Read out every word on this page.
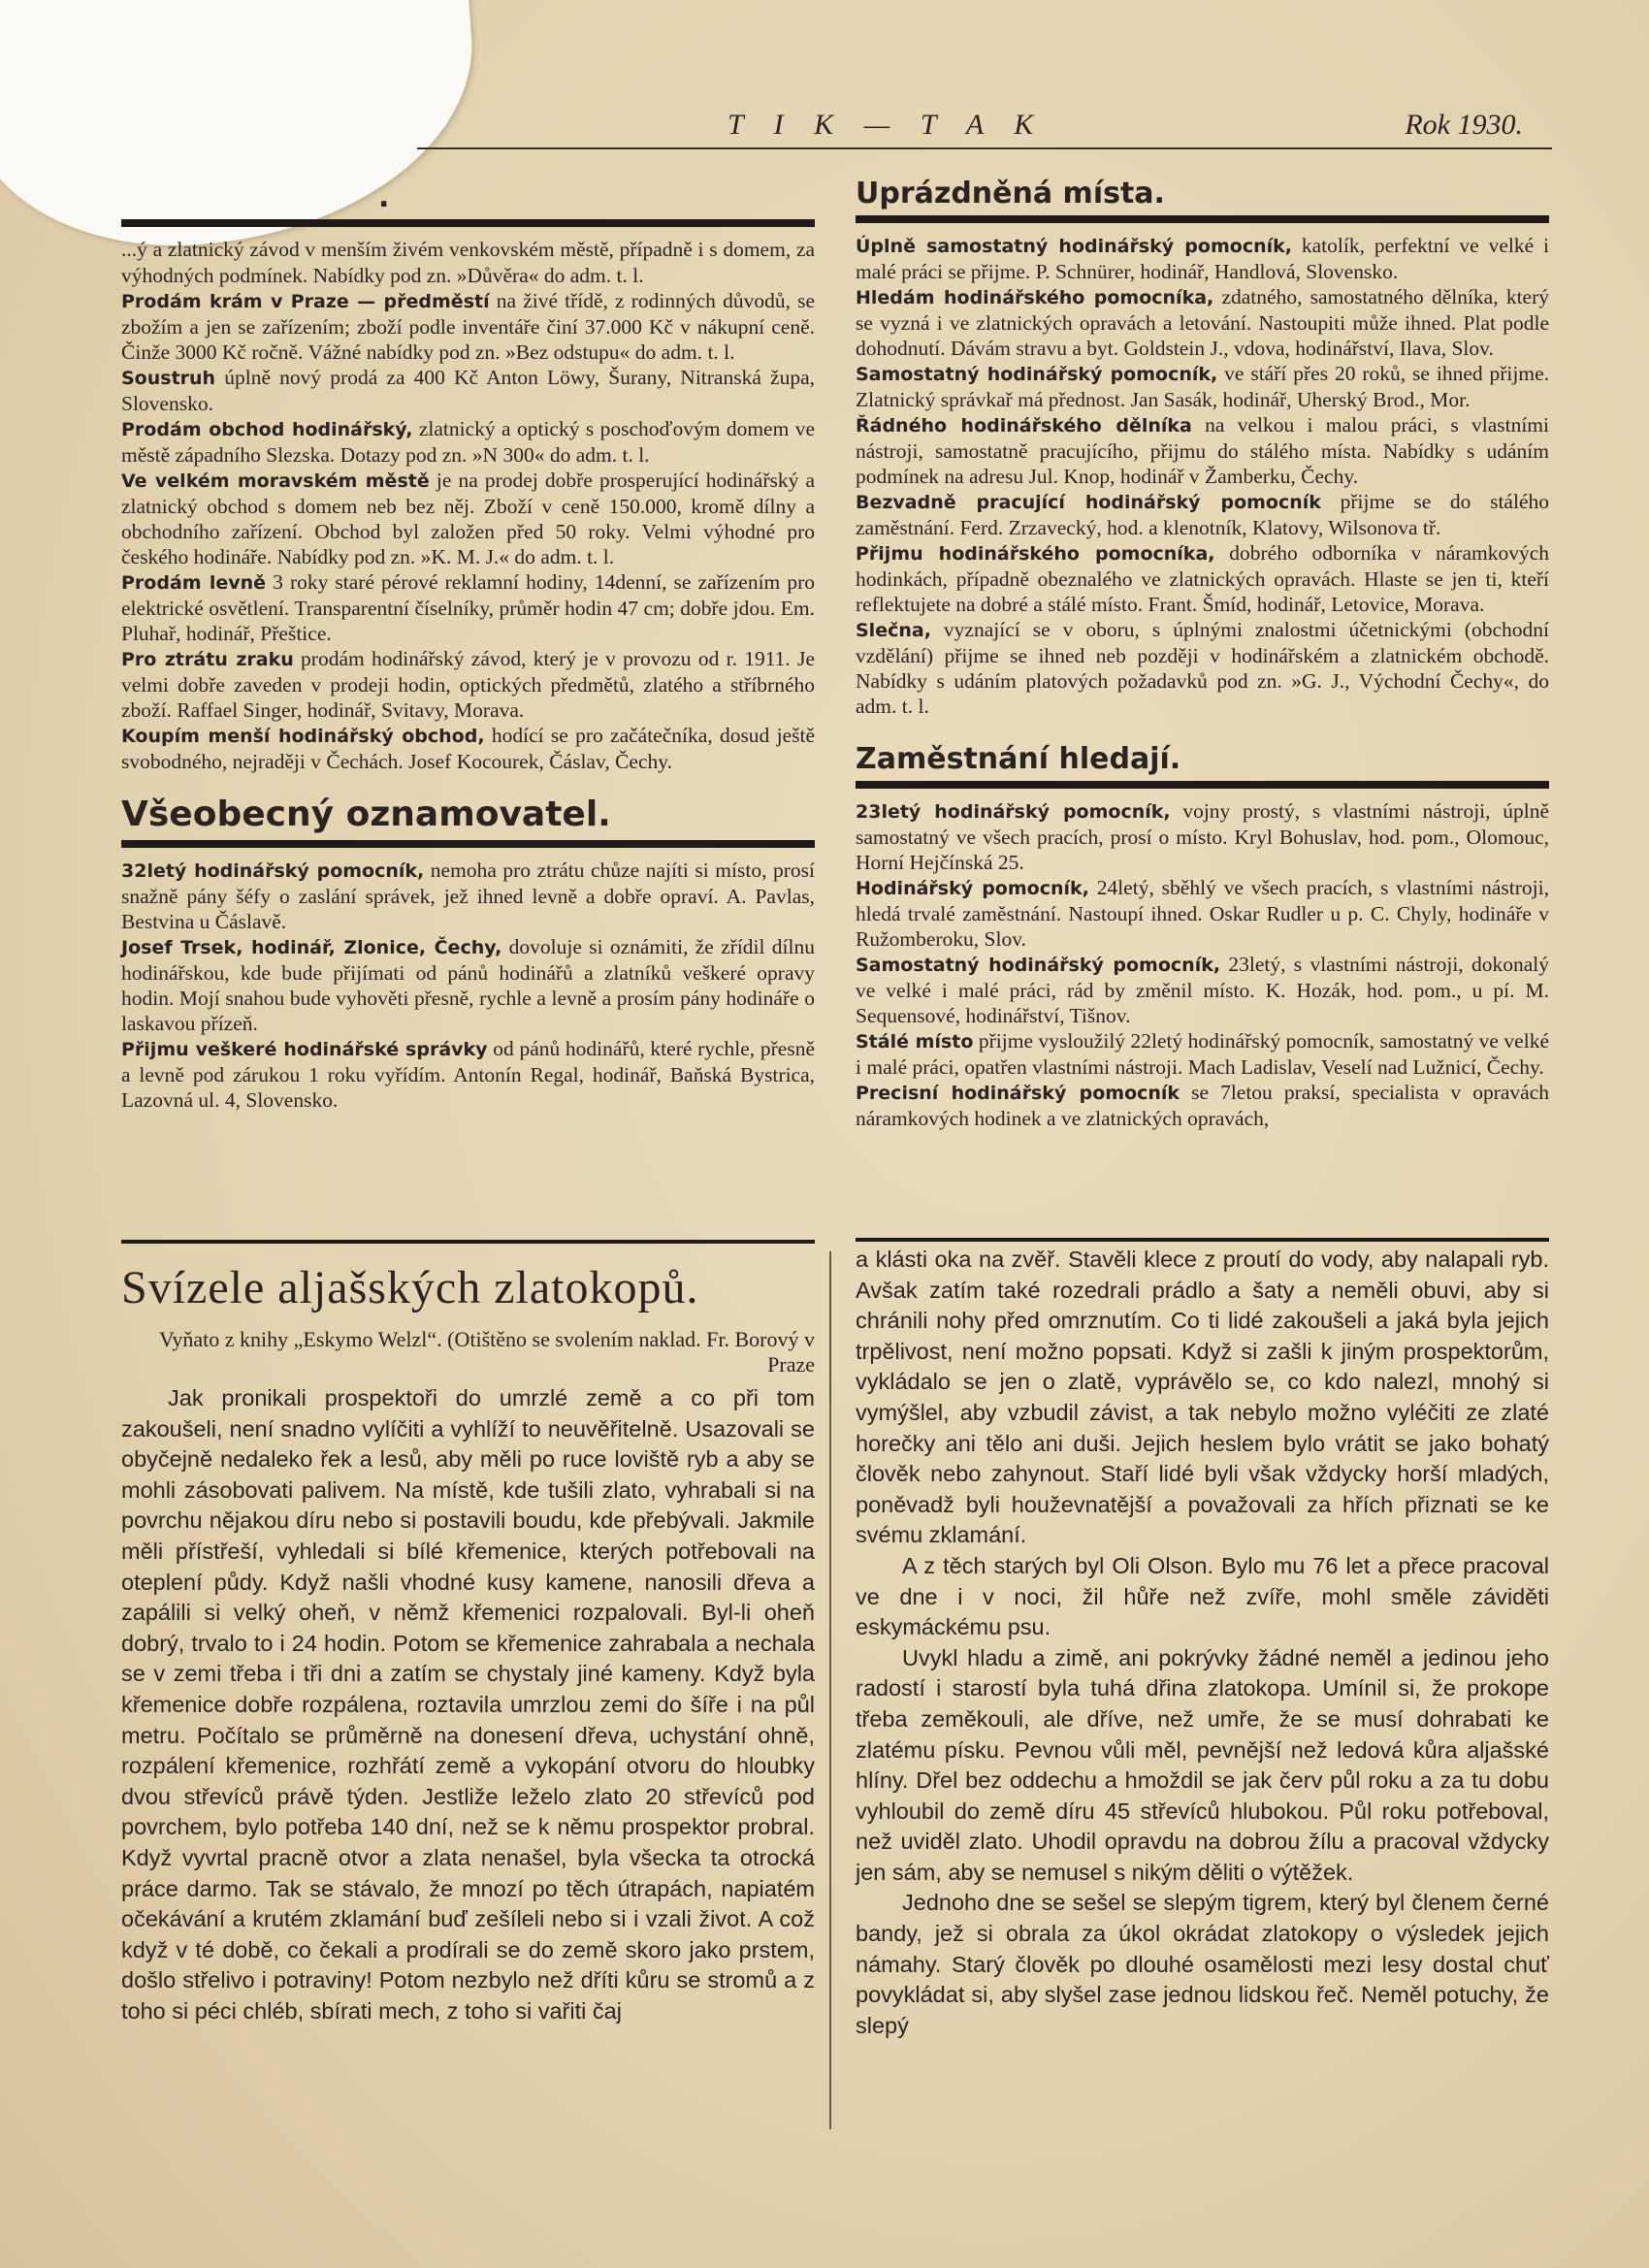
T I K — T A K	Rok 1930.
.

...ý a zlatnický závod v menším živém venkovském městě, případně i s domem, za výhodných podmínek. Nabídky pod zn. »Důvěra« do adm. t. l.

Prodám krám v Praze — předměstí na živé třídě, z rodinných důvodů, se zbožím a jen se zařízením; zboží podle inventáře činí 37.000 Kč v nákupní ceně. Činže 3000 Kč ročně. Vážné nabídky pod zn. »Bez odstupu« do adm. t. l.

Soustruh úplně nový prodá za 400 Kč Anton Löwy, Šurany, Nitranská župa, Slovensko.

Prodám obchod hodinářský, zlatnický a optický s poschoďovým domem ve městě západního Slezska. Dotazy pod zn. »N 300« do adm. t. l.

Ve velkém moravském městě je na prodej dobře prosperující hodinářský a zlatnický obchod s domem neb bez něj. Zboží v ceně 150.000, kromě dílny a obchodního zařízení. Obchod byl založen před 50 roky. Velmi výhodné pro českého hodináře. Nabídky pod zn. »K. M. J.« do adm. t. l.

Prodám levně 3 roky staré pérové reklamní hodiny, 14denní, se zařízením pro elektrické osvětlení. Transparentní číselníky, průměr hodin 47 cm; dobře jdou. Em. Pluhař, hodinář, Přeštice.

Pro ztrátu zraku prodám hodinářský závod, který je v provozu od r. 1911. Je velmi dobře zaveden v prodeji hodin, optických předmětů, zlatého a stříbrného zboží. Raffael Singer, hodinář, Svitavy, Morava.

Koupím menší hodinářský obchod, hodící se pro začátečníka, dosud ještě svobodného, nejraději v Čechách. Josef Kocourek, Čáslav, Čechy.

Všeobecný oznamovatel.

32letý hodinářský pomocník, nemoha pro ztrátu chůze najíti si místo, prosí snažně pány šéfy o zaslání správek, jež ihned levně a dobře opraví. A. Pavlas, Bestvina u Čáslavě.

Josef Trsek, hodinář, Zlonice, Čechy, dovoluje si oznámiti, že zřídil dílnu hodinářskou, kde bude přijímati od pánů hodinářů a zlatníků veškeré opravy hodin. Mojí snahou bude vyhověti přesně, rychle a levně a prosím pány hodináře o laskavou přízeň.

Přijmu veškeré hodinářské správky od pánů hodinářů, které rychle, přesně a levně pod zárukou 1 roku vyřídím. Antonín Regal, hodinář, Baňská Bystrica, Lazovná ul. 4, Slovensko.

Uprázdněná místa.

Úplně samostatný hodinářský pomocník, katolík, perfektní ve velké i malé práci se přijme. P. Schnürer, hodinář, Handlová, Slovensko.

Hledám hodinářského pomocníka, zdatného, samostatného dělníka, který se vyzná i ve zlatnických opravách a letování. Nastoupiti může ihned. Plat podle dohodnutí. Dávám stravu a byt. Goldstein J., vdova, hodinářství, Ilava, Slov.

Samostatný hodinářský pomocník, ve stáří přes 20 roků, se ihned přijme. Zlatnický správkař má přednost. Jan Sasák, hodinář, Uherský Brod., Mor.

Řádného hodinářského dělníka na velkou i malou práci, s vlastními nástroji, samostatně pracujícího, přijmu do stálého místa. Nabídky s udáním podmínek na adresu Jul. Knop, hodinář v Žamberku, Čechy.

Bezvadně pracující hodinářský pomocník přijme se do stálého zaměstnání. Ferd. Zrzavecký, hod. a klenotník, Klatovy, Wilsonova tř.

Přijmu hodinářského pomocníka, dobrého odborníka v náramkových hodinkách, případně obeznalého ve zlatnických opravách. Hlaste se jen ti, kteří reflektujete na dobré a stálé místo. Frant. Šmíd, hodinář, Letovice, Morava.

Slečna, vyznající se v oboru, s úplnými znalostmi účetnickými (obchodní vzdělání) přijme se ihned neb později v hodinářském a zlatnickém obchodě. Nabídky s udáním platových požadavků pod zn. »G. J., Východní Čechy«, do adm. t. l.

Zaměstnání hledají.

23letý hodinářský pomocník, vojny prostý, s vlastními nástroji, úplně samostatný ve všech pracích, prosí o místo. Kryl Bohuslav, hod. pom., Olomouc, Horní Hejčínská 25.

Hodinářský pomocník, 24letý, sběhlý ve všech pracích, s vlastními nástroji, hledá trvalé zaměstnání. Nastoupí ihned. Oskar Rudler u p. C. Chyly, hodináře v Ružomberoku, Slov.

Samostatný hodinářský pomocník, 23letý, s vlastními nástroji, dokonalý ve velké i malé práci, rád by změnil místo. K. Hozák, hod. pom., u pí. M. Sequensové, hodinářství, Tišnov.

Stálé místo přijme vysloužilý 22letý hodinářský pomocník, samostatný ve velké i malé práci, opatřen vlastními nástroji. Mach Ladislav, Veselí nad Lužnicí, Čechy.

Precisní hodinářský pomocník se 7letou praksí, specialista v opravách náramkových hodinek a ve zlatnických opravách,

Svízele aljašských zlatokopů.
Vyňato z knihy „Eskymo Welzl“. (Otištěno se svolením naklad. Fr. Borový v Praze

Jak pronikali prospektoři do umrzlé země a co při tom zakoušeli, není snadno vylíčiti a vyhlíží to neuvěřitelně. Usazovali se obyčejně nedaleko řek a lesů, aby měli po ruce loviště ryb a aby se mohli zásobovati palivem. Na místě, kde tušili zlato, vyhrabali si na povrchu nějakou díru nebo si postavili boudu, kde přebývali. Jakmile měli přístřeší, vyhledali si bílé křemenice, kterých potřebovali na oteplení půdy. Když našli vhodné kusy kamene, nanosili dřeva a zapálili si velký oheň, v němž křemenici rozpalovali. Byl-li oheň dobrý, trvalo to i 24 hodin. Potom se křemenice zahrabala a nechala se v zemi třeba i tři dni a zatím se chystaly jiné kameny. Když byla křemenice dobře rozpálena, roztavila umrzlou zemi do šíře i na půl metru. Počítalo se průměrně na donesení dřeva, uchystání ohně, rozpálení křemenice, rozhřátí země a vykopání otvoru do hloubky dvou střevíců právě týden. Jestliže leželo zlato 20 střevíců pod povrchem, bylo potřeba 140 dní, než se k němu prospektor probral. Když vyvrtal pracně otvor a zlata nenašel, byla všecka ta otrocká práce darmo. Tak se stávalo, že mnozí po těch útrapách, napiatém očekávání a krutém zklamání buď zešíleli nebo si i vzali život. A což když v té době, co čekali a prodírali se do země skoro jako prstem, došlo střelivo i potraviny! Potom nezbylo než dříti kůru se stromů a z toho si péci chléb, sbírati mech, z toho si vařiti čaj

a klásti oka na zvěř. Stavěli klece z proutí do vody, aby nalapali ryb. Avšak zatím také rozedrali prádlo a šaty a neměli obuvi, aby si chránili nohy před omrznutím. Co ti lidé zakoušeli a jaká byla jejich trpělivost, není možno popsati. Když si zašli k jiným prospektorům, vykládalo se jen o zlatě, vyprávělo se, co kdo nalezl, mnohý si vymýšlel, aby vzbudil závist, a tak nebylo možno vyléčiti ze zlaté horečky ani tělo ani duši. Jejich heslem bylo vrátit se jako bohatý člověk nebo zahynout. Staří lidé byli však vždycky horší mladých, poněvadž byli houževnatější a považovali za hřích přiznati se ke svému zklamání.

A z těch starých byl Oli Olson. Bylo mu 76 let a přece pracoval ve dne i v noci, žil hůře než zvíře, mohl směle záviděti eskymáckému psu.

Uvykl hladu a zimě, ani pokrývky žádné neměl a jedinou jeho radostí i starostí byla tuhá dřina zlatokopa. Umínil si, že prokope třeba zeměkouli, ale dříve, než umře, že se musí dohrabati ke zlatému písku. Pevnou vůli měl, pevnější než ledová kůra aljašské hlíny. Dřel bez oddechu a hmoždil se jak červ půl roku a za tu dobu vyhloubil do země díru 45 střevíců hlubokou. Půl roku potřeboval, než uviděl zlato. Uhodil opravdu na dobrou žílu a pracoval vždycky jen sám, aby se nemusel s nikým děliti o výtěžek.

Jednoho dne se sešel se slepým tigrem, který byl členem černé bandy, jež si obrala za úkol okrádat zlatokopy o výsledek jejich námahy. Starý člověk po dlouhé osamělosti mezi lesy dostal chuť povykládat si, aby slyšel zase jednou lidskou řeč. Neměl potuchy, že slepý
